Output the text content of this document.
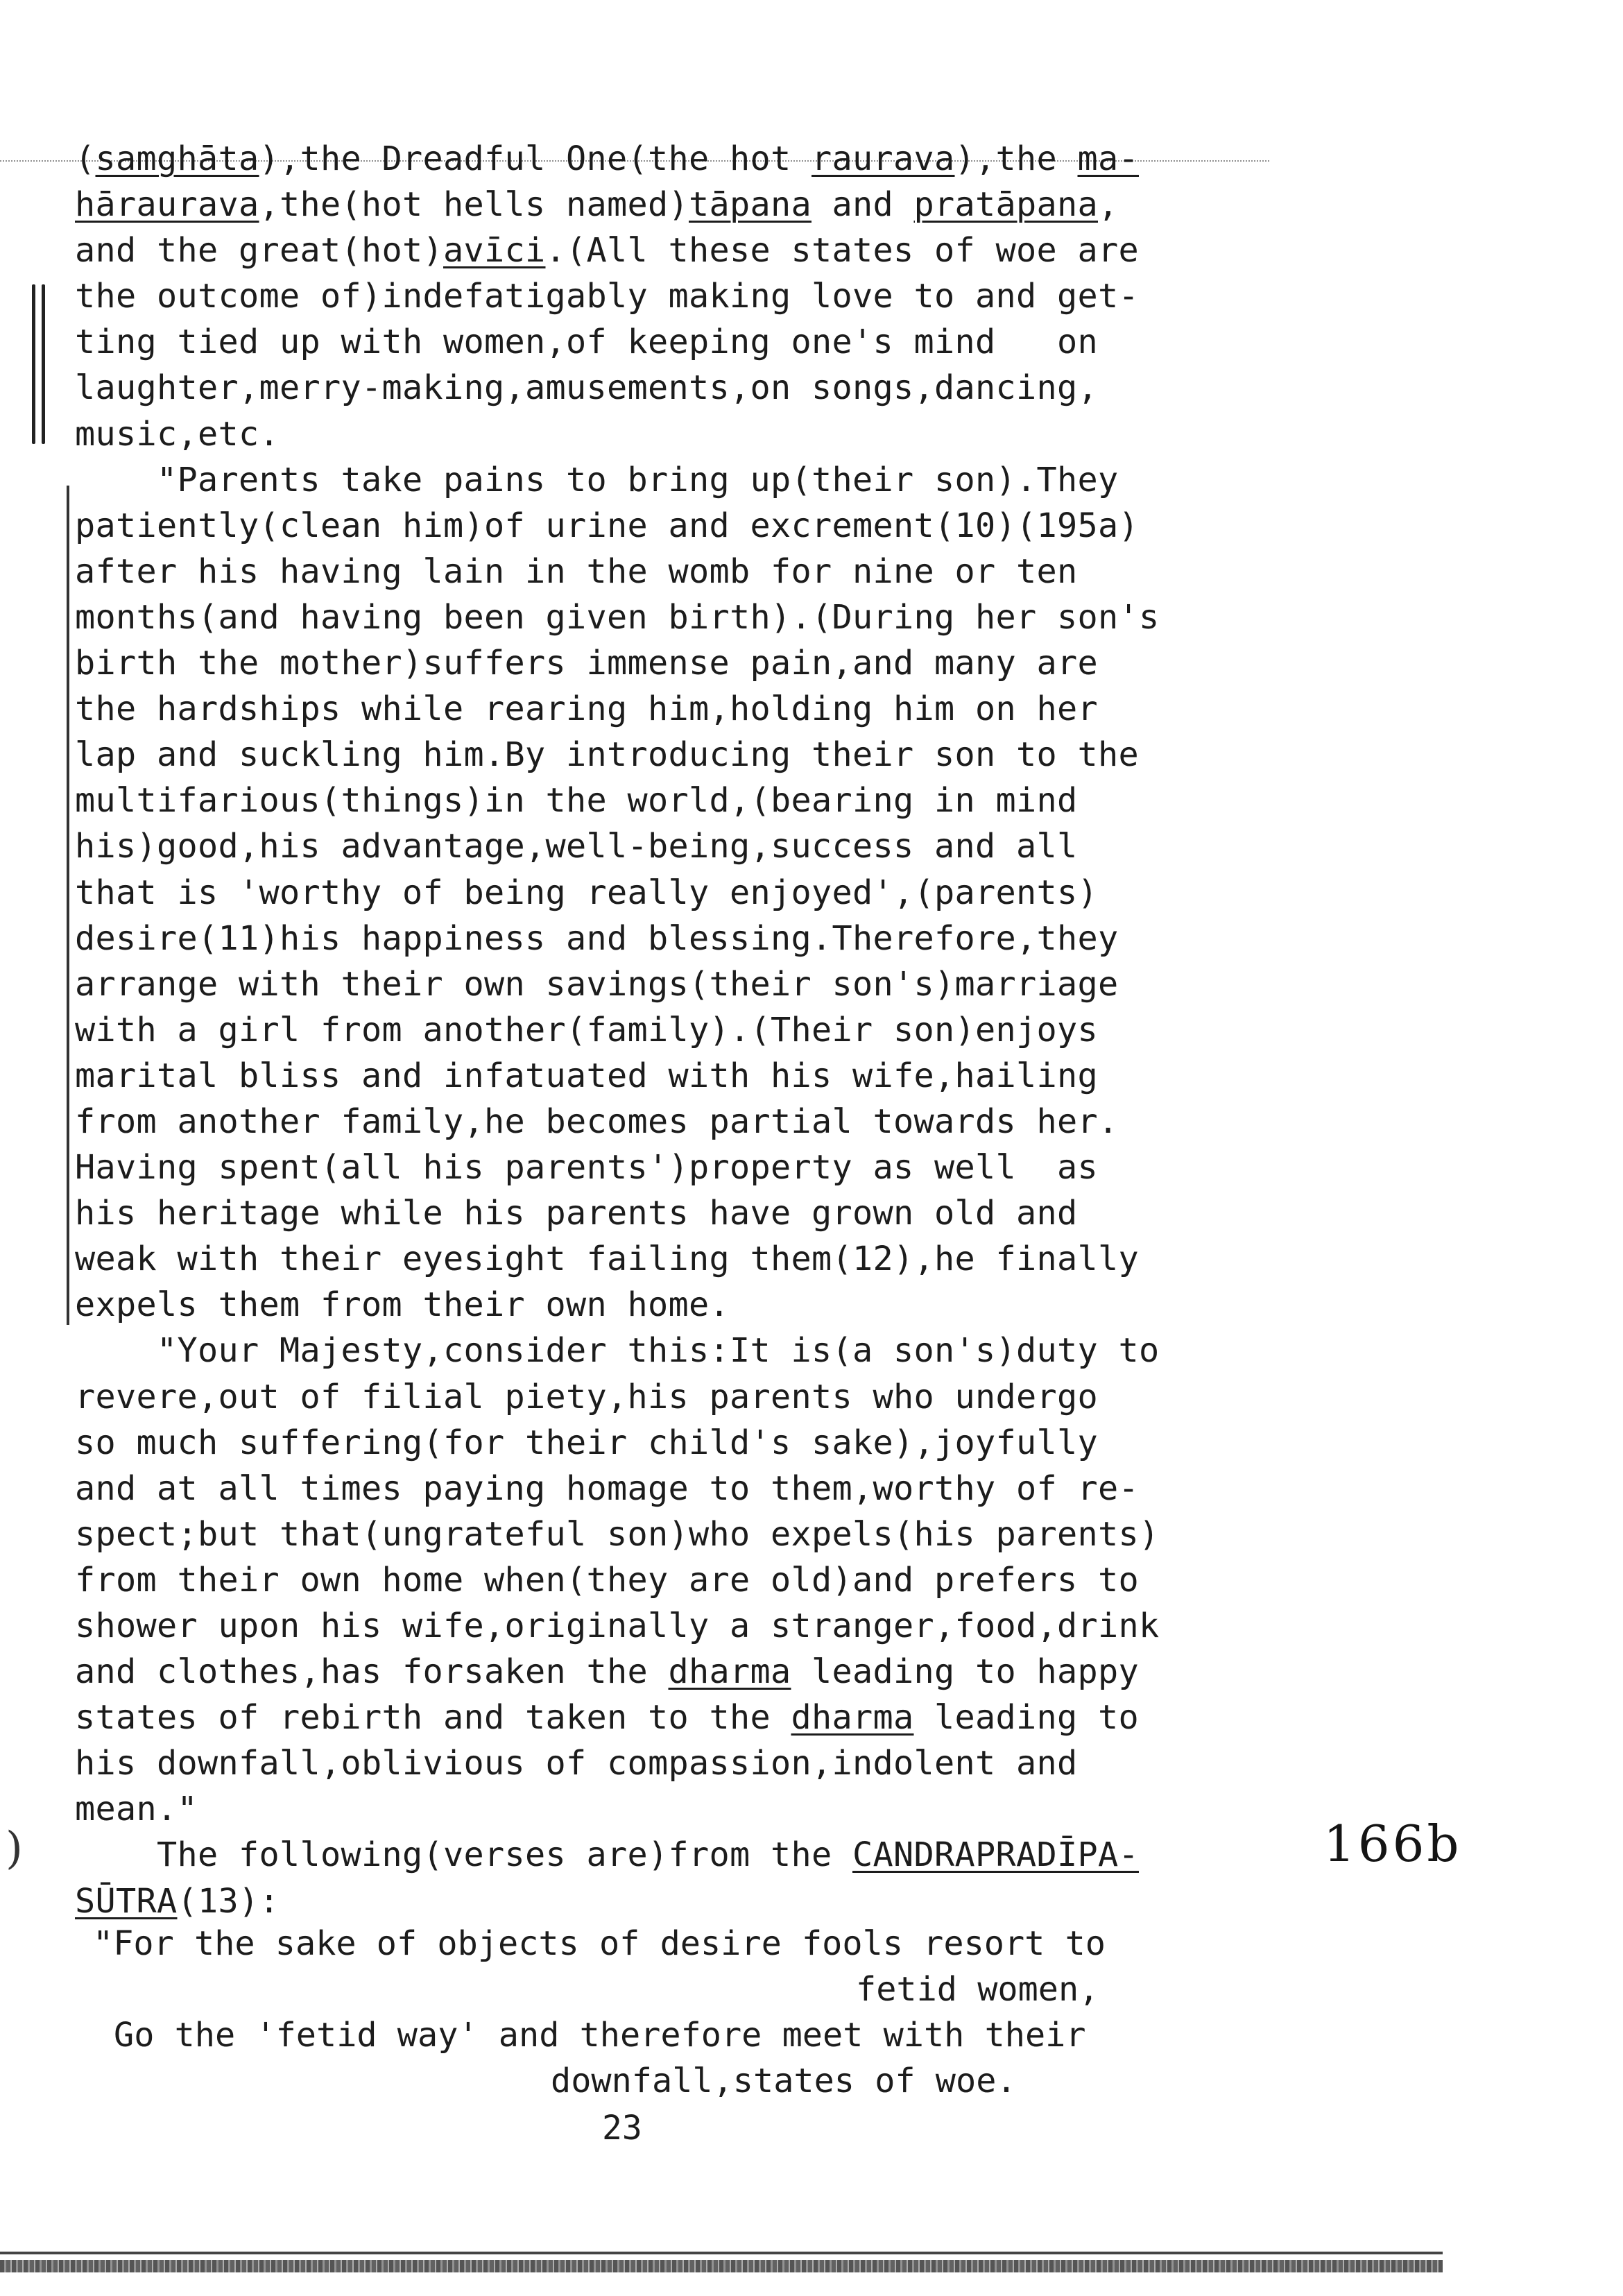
(samghāta),the Dreadful One(the hot raurava),the ma-
hāraurava,the(hot hells named)tāpana and pratāpana,
and the great(hot)avīci.(All these states of woe are
the outcome of)indefatigably making love to and get-
ting tied up with women,of keeping one's mind   on
laughter,merry-making,amusements,on songs,dancing,
music,etc.
"Parents take pains to bring up(their son).They
patiently(clean him)of urine and excrement(10)(195a)
after his having lain in the womb for nine or ten
months(and having been given birth).(During her son's
birth the mother)suffers immense pain,and many are
the hardships while rearing him,holding him on her
lap and suckling him.By introducing their son to the
multifarious(things)in the world,(bearing in mind
his)good,his advantage,well-being,success and all
that is 'worthy of being really enjoyed',(parents)
desire(11)his happiness and blessing.Therefore,they
arrange with their own savings(their son's)marriage
with a girl from another(family).(Their son)enjoys
marital bliss and infatuated with his wife,hailing
from another family,he becomes partial towards her.
Having spent(all his parents')property as well  as
his heritage while his parents have grown old and
weak with their eyesight failing them(12),he finally
expels them from their own home.
"Your Majesty,consider this:It is(a son's)duty to
revere,out of filial piety,his parents who undergo
so much suffering(for their child's sake),joyfully
and at all times paying homage to them,worthy of re-
spect;but that(ungrateful son)who expels(his parents)
from their own home when(they are old)and prefers to
shower upon his wife,originally a stranger,food,drink
and clothes,has forsaken the dharma leading to happy
states of rebirth and taken to the dharma leading to
his downfall,oblivious of compassion,indolent and
mean."
The following(verses are)from the CANDRAPRADĪPA-
SŪTRA(13):
"For the sake of objects of desire fools resort to
fetid women,
Go the 'fetid way' and therefore meet with their
downfall,states of woe.
23
166b
)
